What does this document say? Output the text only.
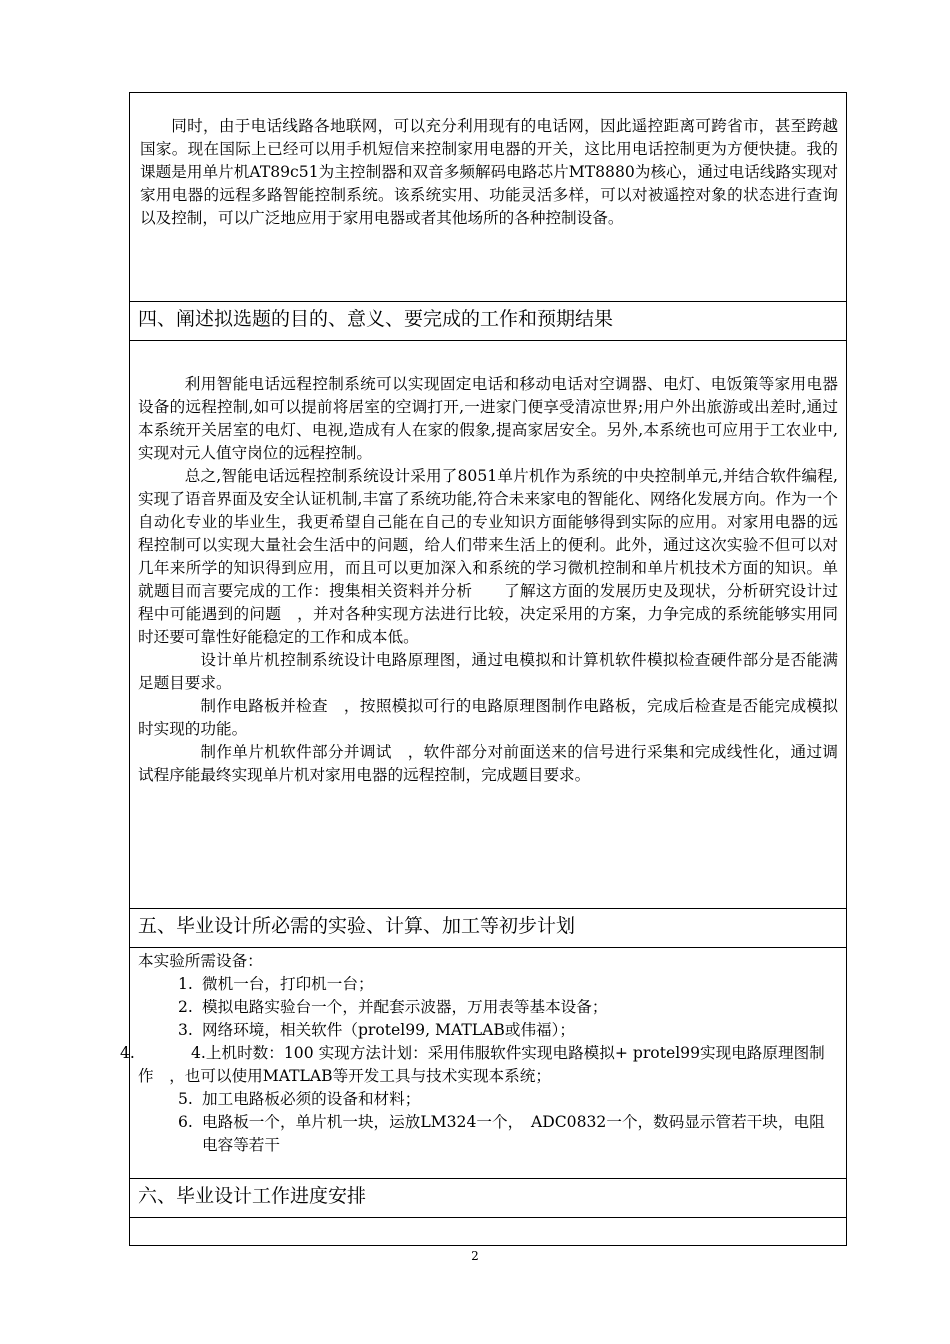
同时，由于电话线路各地联网，可以充分利用现有的电话网，因此遥控距离可跨省市，甚至跨越国家。现在国际上已经可以用手机短信来控制家用电器的开关，这比用电话控制更为方便快捷。我的课题是用单片机AT89c51为主控制器和双音多频解码电路芯片MT8880为核心，通过电话线路实现对家用电器的远程多路智能控制系统。该系统实用、功能灵活多样，可以对被遥控对象的状态进行查询以及控制，可以广泛地应用于家用电器或者其他场所的各种控制设备。

四、阐述拟选题的目的、意义、要完成的工作和预期结果

利用智能电话远程控制系统可以实现固定电话和移动电话对空调器、电灯、电饭策等家用电器设备的远程控制,如可以提前将居室的空调打开,一进家门便享受清凉世界;用户外出旅游或出差时,通过本系统开关居室的电灯、电视,造成有人在家的假象,提高家居安全。另外,本系统也可应用于工农业中,实现对元人值守岗位的远程控制。

总之,智能电话远程控制系统设计采用了8051单片机作为系统的中央控制单元,并结合软件编程,实现了语音界面及安全认证机制,丰富了系统功能,符合未来家电的智能化、网络化发展方向。作为一个自动化专业的毕业生，我更希望自己能在自己的专业知识方面能够得到实际的应用。对家用电器的远程控制可以实现大量社会生活中的问题，给人们带来生活上的便利。此外，通过这次实验不但可以对几年来所学的知识得到应用，而且可以更加深入和系统的学习微机控制和单片机技术方面的知识。单就题目而言要完成的工作：搜集相关资料并分析　　了解这方面的发展历史及现状，分析研究设计过程中可能遇到的问题　，并对各种实现方法进行比较，决定采用的方案，力争完成的系统能够实用同时还要可靠性好能稳定的工作和成本低。

设计单片机控制系统设计电路原理图，通过电模拟和计算机软件模拟检查硬件部分是否能满足题目要求。

制作电路板并检查　，按照模拟可行的电路原理图制作电路板，完成后检查是否能完成模拟时实现的功能。

制作单片机软件部分并调试　，软件部分对前面送来的信号进行采集和完成线性化，通过调试程序能最终实现单片机对家用电器的远程控制，完成题目要求。

五、毕业设计所必需的实验、计算、加工等初步计划
本实验所需设备：
1. 微机一台，打印机一台；
2. 模拟电路实验台一个，并配套示波器，万用表等基本设备；
3. 网络环境，相关软件（protel99, MATLAB或伟福）；
4.	4.上机时数：100 实现方法计划：采用伟服软件实现电路模拟+ protel99实现电路原理图制作　，也可以使用MATLAB等开发工具与技术实现本系统；
5. 加工电路板必须的设备和材料；
6. 电路板一个，单片机一块，运放LM324一个，　ADC0832一个，数码显示管若干块，电阻电容等若干
六、毕业设计工作进度安排
2
